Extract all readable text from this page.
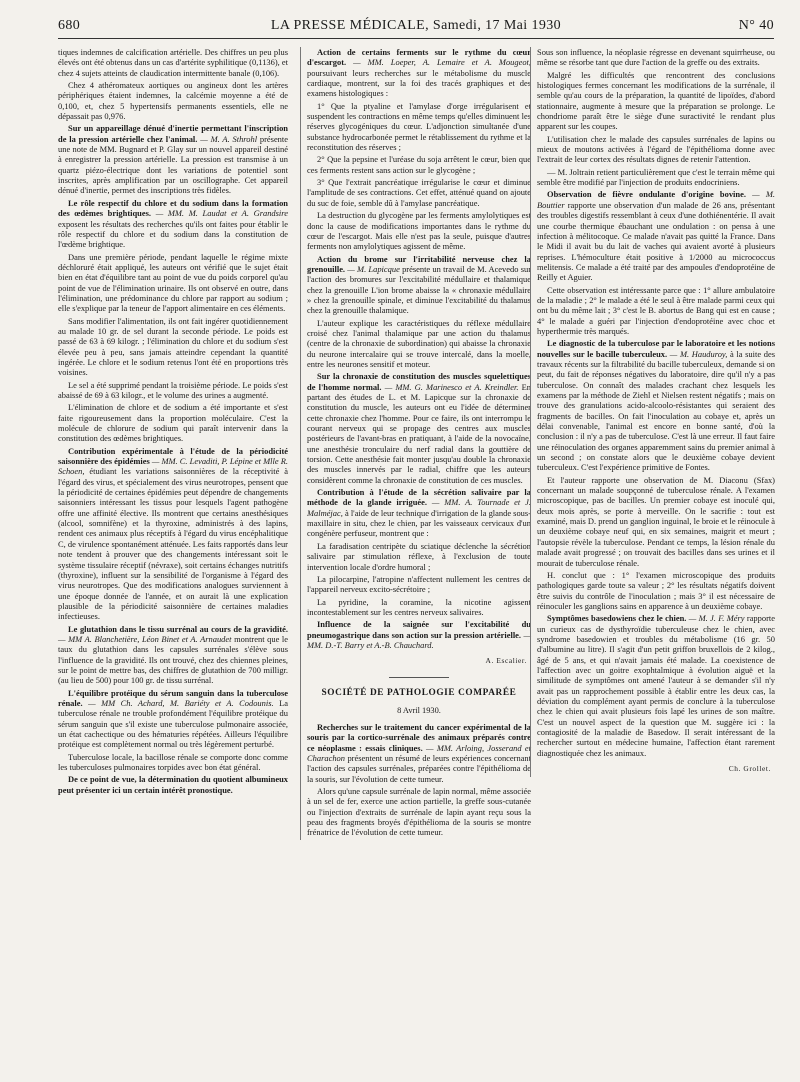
680	LA PRESSE MÉDICALE, Samedi, 17 Mai 1930	N° 40

tiques indemnes de calcification artérielle. Des chiffres un peu plus élevés ont été obtenus dans un cas d'artérite syphilitique (0,1136), et chez 4 sujets atteints de claudication intermittente banale (0,106).

Chez 4 athéromateux aortiques ou angineux dont les artères périphériques étaient indemnes, la calcémie moyenne a été de 0,100, et, chez 5 hypertensifs permanents essentiels, elle ne dépassait pas 0,976.

Sur un appareillage dénué d'inertie permettant l'inscription de la pression artérielle chez l'animal. — M. A. Sthrohl présente une note de MM. Bugnard et P. Glay sur un nouvel appareil destiné à enregistrer la pression artérielle. La pression est transmise à un quartz piézo-électrique dont les variations de potentiel sont inscrites, après amplification par un oscillographe. Cet appareil dénué d'inertie, permet des inscriptions très fidèles.

Le rôle respectif du chlore et du sodium dans la formation des œdèmes brightiques. — MM. M. Laudat et A. Grandsire exposent les résultats des recherches qu'ils ont faites pour établir le rôle respectif du chlore et du sodium dans la constitution de l'œdème brightique.

Dans une première période, pendant laquelle le régime mixte déchloruré était appliqué, les auteurs ont vérifié que le sujet était bien en état d'équilibre tant au point de vue du poids corporel qu'au point de vue de l'élimination urinaire. Ils ont observé en outre, dans l'élimination, une prédominance du chlore par rapport au sodium ; elle s'explique par la teneur de l'apport alimentaire en ces éléments.

Sans modifier l'alimentation, ils ont fait ingérer quotidiennement au malade 10 gr. de sel durant la seconde période. Le poids est passé de 63 à 69 kilogr. ; l'élimination du chlore et du sodium s'est élevée peu à peu, sans jamais atteindre cependant la quantité ingérée. Le chlore et le sodium retenus l'ont été en proportions très voisines.

Le sel a été supprimé pendant la troisième période. Le poids s'est abaissé de 69 à 63 kilogr., et le volume des urines a augmenté.

L'élimination de chlore et de sodium a été importante et s'est faite rigoureusement dans la proportion moléculaire. C'est la molécule de chlorure de sodium qui paraît intervenir dans la constitution des œdèmes brightiques.

Contribution expérimentale à l'étude de la périodicité saisonnière des épidémies — MM. C. Levaditi, P. Lépine et Mlle R. Schoen, étudiant les variations saisonnières de la réceptivité à l'égard des virus, et spécialement des virus neurotropes, pensent que la périodicité de certaines épidémies peut dépendre de changements saisonniers intéressant les tissus pour lesquels l'agent pathogène offre une affinité élective. Ils montrent que certains anesthésiques (alcool, somnifène) et la thyroxine, administrés à des lapins, rendent ces animaux plus réceptifs à l'égard du virus encéphalitique C, de virulence spontanément atténuée. Les faits rapportés dans leur note tendent à prouver que des changements intéressant soit le système tissulaire réceptif (névraxe), soit certains échanges nutritifs (thyroxine), influent sur la sensibilité de l'organisme à l'égard des virus neurotropes. Que des modifications analogues surviennent à une époque donnée de l'année, et on aurait là une explication plausible de la périodicité saisonnière de certaines maladies infectieuses.

Le glutathion dans le tissu surrénal au cours de la gravidité. — MM A. Blanchetière, Léon Binet et A. Arnaudet montrent que le taux du glutathion dans les capsules surrénales s'élève sous l'influence de la gravidité. Ils ont trouvé, chez des chiennes pleines, sur le point de mettre bas, des chiffres de glutathion de 700 milligr. (au lieu de 500) pour 100 gr. de tissu surrénal.

L'équilibre protéique du sérum sanguin dans la tuberculose rénale. — MM Ch. Achard, M. Bariéty et A. Codounis. La tuberculose rénale ne trouble profondément l'équilibre protéique du sérum sanguin que s'il existe une tuberculose pulmonaire associée, un état cachectique ou des hématuries répétées. Ailleurs l'équilibre protéique est complètement normal ou très légèrement perturbé.

Tuberculose locale, la bacillose rénale se comporte donc comme les tuberculoses pulmonaires torpides avec bon état général.

De ce point de vue, la détermination du quotient albumineux peut présenter ici un certain intérêt pronostique.

Action de certains ferments sur le rythme du cœur d'escargot. — MM. Loeper, A. Lemaire et A. Mougeot, poursuivant leurs recherches sur le métabolisme du muscle cardiaque, montrent, sur la foi des tracés graphiques et des examens histologiques :

1° Que la ptyaline et l'amylase d'orge irrégularisent et suspendent les contractions en même temps qu'elles diminuent les réserves glycogéniques du cœur. L'adjonction simultanée d'une substance hydrocarbonée permet le rétablissement du rythme et la reconstitution des réserves ;

2° Que la pepsine et l'uréase du soja arrêtent le cœur, bien que ces ferments restent sans action sur le glycogène ;

3° Que l'extrait pancréatique irrégularise le cœur et diminue l'amplitude de ses contractions. Cet effet, atténué quand on ajoute du suc de foie, semble dû à l'amylase pancréatique.

La destruction du glycogène par les ferments amylolytiques est donc la cause de modifications importantes dans le rythme du cœur de l'escargot. Mais elle n'est pas la seule, puisque d'autres ferments non amylolytiques agissent de même.

Action du brome sur l'irritabilité nerveuse chez la grenouille. — M. Lapicque présente un travail de M. Acevedo sur l'action des bromures sur l'excitabilité médullaire et thalamique chez la grenouille L'ion brome abaisse la « chronaxie médullaire » chez la grenouille spinale, et diminue l'excitabilité du thalamus chez la grenouille thalamique.

L'auteur explique les caractéristiques du réflexe médullaire croisé chez l'animal thalamique par une action du thalamus (centre de la chronaxie de subordination) qui abaisse la chronaxie du neurone intercalaire qui se trouve intercalé, dans la moelle, entre les neurones sensitif et moteur.

Sur la chronaxie de constitution des muscles squelettiques de l'homme normal. — MM. G. Marinesco et A. Kreindler. En partant des études de L. et M. Lapicque sur la chronaxie de constitution du muscle, les auteurs ont eu l'idée de déterminer cette chronaxie chez l'homme. Pour ce faire, ils ont interrompu le courant nerveux qui se propage des centres aux muscles postérieurs de l'avant-bras en pratiquant, à l'aide de la novocaïne, une anesthésie tronculaire du nerf radial dans la gouttière de torsion. Cette anesthésie fait monter jusqu'au double la chronaxie des muscles innervés par le radial, chiffre que les auteurs considèrent comme la chronaxie de constitution de ces muscles.

Contribution à l'étude de la sécrétion salivaire par la méthode de la glande irriguée. — MM. A. Tournade et J. Malméjac, à l'aide de leur technique d'irrigation de la glande sous-maxillaire in situ, chez le chien, par les vaisseaux cervicaux d'un congénère perfuseur, montrent que :

La faradisation centripète du sciatique déclenche la sécrétion salivaire par stimulation réflexe, à l'exclusion de toute intervention locale d'ordre humoral ;

La pilocarpine, l'atropine n'affectent nullement les centres de l'appareil nerveux excito-sécrétoire ;

La pyridine, la coramine, la nicotine agissent incontestablement sur les centres nerveux salivaires.

Influence de la saignée sur l'excitabilité du pneumogastrique dans son action sur la pression artérielle. — MM. D.-T. Barry et A.-B. Chauchard.

A. Escalier.
SOCIÉTÉ DE PATHOLOGIE COMPARÉE
8 Avril 1930.

Recherches sur le traitement du cancer expérimental de la souris par la cortico-surrénale des animaux préparés contre ce néoplasme : essais cliniques. — MM. Arloing, Josserand et Charachon présentent un résumé de leurs expériences concernant l'action des capsules surrénales, préparées contre l'épithélioma de la souris, sur l'évolution de cette tumeur.

Alors qu'une capsule surrénale de lapin normal, même associée à un sel de fer, exerce une action partielle, la greffe sous-cutanée ou l'injection d'extraits de surrénale de lapin ayant reçu sous la peau des fragments broyés d'épithélioma de la souris se montre frénatrice de l'évolution de cette tumeur.

Sous son influence, la néoplasie régresse en devenant squirrheuse, ou même se résorbe tant que dure l'action de la greffe ou des extraits.

Malgré les difficultés que rencontrent des conclusions histologiques fermes concernant les modifications de la surrénale, il semble qu'au cours de la préparation, la quantité de lipoïdes, d'abord stationnaire, augmente à mesure que la préparation se prolonge. Le chondriome paraît être le siège d'une suractivité le rendant plus apparent sur les coupes.

L'utilisation chez le malade des capsules surrénales de lapins ou mieux de moutons activées à l'égard de l'épithélioma donne avec l'extrait de leur cortex des résultats dignes de retenir l'attention.

— M. Joltrain retient particulièrement que c'est le terrain même qui semble être modifié par l'injection de produits endocriniens.

Observation de fièvre ondulante d'origine bovine. — M. Bouttier rapporte une observation d'un malade de 26 ans, présentant des troubles digestifs ressemblant à ceux d'une dothiénentérie. Il avait une courbe thermique ébauchant une ondulation : on pensa à une infection à mélitocoque. Ce malade n'avait pas quitté la France. Dans le Midi il avait bu du lait de vaches qui avaient avorté à plusieurs reprises. L'hémoculture était positive à 1/2000 au micrococcus melitensis. Ce malade a été traité par des ampoules d'endoprotéine de Reilly et Aguier.

Cette observation est intéressante parce que : 1° allure ambulatoire de la maladie ; 2° le malade a été le seul à être malade parmi ceux qui ont bu du même lait ; 3° c'est le B. abortus de Bang qui est en cause ; 4° le malade a guéri par l'injection d'endoprotéine avec choc et hyperthermie très marqués.

Le diagnostic de la tuberculose par le laboratoire et les notions nouvelles sur le bacille tuberculeux. — M. Hauduroy, à la suite des travaux récents sur la filtrabilité du bacille tuberculeux, demande si on peut, du fait de réponses négatives du laboratoire, dire qu'il n'y a pas tuberculose. On connaît des malades crachant chez lesquels les examens par la méthode de Ziehl et Nielsen restent négatifs ; mais on trouve des granulations acido-alcoolo-résistantes qui seraient des fragments de bacilles. On fait l'inoculation au cobaye et, après un délai convenable, l'animal est encore en bonne santé, d'où la conclusion : il n'y a pas de tuberculose. C'est là une erreur. Il faut faire une réinoculation des organes apparemment sains du premier animal à un second ; on constate alors que le deuxième cobaye devient tuberculeux. C'est l'expérience primitive de Fontes.

Et l'auteur rapporte une observation de M. Diaconu (Sfax) concernant un malade soupçonné de tuberculose rénale. A l'examen microscopique, pas de bacilles. Un premier cobaye est inoculé qui, deux mois après, se porte à merveille. On le sacrifie : tout est examiné, mais D. prend un ganglion inguinal, le broie et le réinocule à un deuxième cobaye neuf qui, en six semaines, maigrit et meurt ; l'autopsie révèle la tuberculose. Pendant ce temps, la lésion rénale du malade avait progressé ; on trouvait des bacilles dans ses urines et il mourait de tuberculose rénale.

H. conclut que : 1° l'examen microscopique des produits pathologiques garde toute sa valeur ; 2° les résultats négatifs doivent être suivis du contrôle de l'inoculation ; mais 3° il est nécessaire de réinoculer les ganglions sains en apparence à un deuxième cobaye.

Symptômes basedowiens chez le chien. — M. J. F. Méry rapporte un curieux cas de dysthyroïdie tuberculeuse chez le chien, avec syndrome basedowien et troubles du métabolisme (16 gr. 50 d'albumine au litre). Il s'agit d'un petit griffon bruxellois de 2 kilog., âgé de 5 ans, et qui n'avait jamais été malade. La coexistence de l'affection avec un goitre exophtalmique à évolution aiguë et la similitude de symptômes ont amené l'auteur à se demander s'il n'y avait pas un rapprochement possible à établir entre les deux cas, la déviation du complément ayant permis de conclure à la tuberculose chez le chien qui avait plusieurs fois lapé les urines de son maître. C'est un nouvel aspect de la question que M. suggère ici : la contagiosité de la maladie de Basedow. Il serait intéressant de la rechercher surtout en médecine humaine, l'affection étant rarement diagnostiquée chez les animaux.

Ch. Grollet.
